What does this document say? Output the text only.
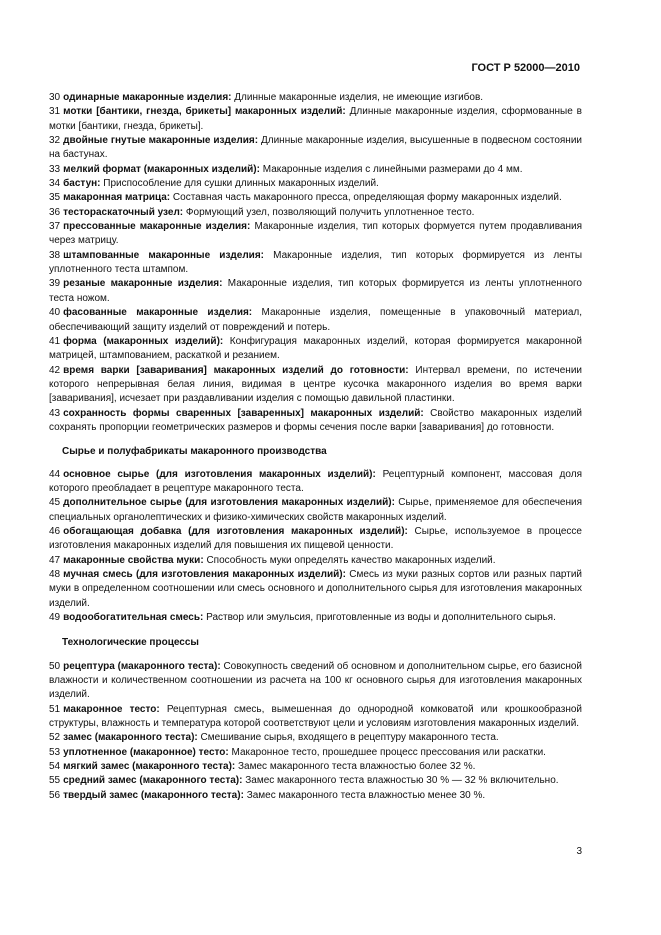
ГОСТ Р 52000—2010

30 одинарные макаронные изделия: Длинные макаронные изделия, не имеющие изгибов.

31 мотки [бантики, гнезда, брикеты] макаронных изделий: Длинные макаронные изделия, сформованные в мотки [бантики, гнезда, брикеты].

32 двойные гнутые макаронные изделия: Длинные макаронные изделия, высушенные в подвесном состоянии на бастунах.

33 мелкий формат (макаронных изделий): Макаронные изделия с линейными размерами до 4 мм.

34 бастун: Приспособление для сушки длинных макаронных изделий.

35 макаронная матрица: Составная часть макаронного пресса, определяющая форму макаронных изделий.

36 тестораскаточный узел: Формующий узел, позволяющий получить уплотненное тесто.

37 прессованные макаронные изделия: Макаронные изделия, тип которых формуется путем продавливания через матрицу.

38 штампованные макаронные изделия: Макаронные изделия, тип которых формируется из ленты уплотненного теста штампом.

39 резаные макаронные изделия: Макаронные изделия, тип которых формируется из ленты уплотненного теста ножом.

40 фасованные макаронные изделия: Макаронные изделия, помещенные в упаковочный материал, обеспечивающий защиту изделий от повреждений и потерь.

41 форма (макаронных изделий): Конфигурация макаронных изделий, которая формируется макаронной матрицей, штампованием, раскаткой и резанием.

42 время варки [заваривания] макаронных изделий до готовности: Интервал времени, по истечении которого непрерывная белая линия, видимая в центре кусочка макаронного изделия во время варки [заваривания], исчезает при раздавливании изделия с помощью давильной пластинки.

43 сохранность формы сваренных [заваренных] макаронных изделий: Свойство макаронных изделий сохранять пропорции геометрических размеров и формы сечения после варки [заваривания] до готовности.

Сырье и полуфабрикаты макаронного производства

44 основное сырье (для изготовления макаронных изделий): Рецептурный компонент, массовая доля которого преобладает в рецептуре макаронного теста.

45 дополнительное сырье (для изготовления макаронных изделий): Сырье, применяемое для обеспечения специальных органолептических и физико-химических свойств макаронных изделий.

46 обогащающая добавка (для изготовления макаронных изделий): Сырье, используемое в процессе изготовления макаронных изделий для повышения их пищевой ценности.

47 макаронные свойства муки: Способность муки определять качество макаронных изделий.

48 мучная смесь (для изготовления макаронных изделий): Смесь из муки разных сортов или разных партий муки в определенном соотношении или смесь основного и дополнительного сырья для изготовления макаронных изделий.

49 водообогатительная смесь: Раствор или эмульсия, приготовленные из воды и дополнительного сырья.

Технологические процессы

50 рецептура (макаронного теста): Совокупность сведений об основном и дополнительном сырье, его базисной влажности и количественном соотношении из расчета на 100 кг основного сырья для изготовления макаронных изделий.

51 макаронное тесто: Рецептурная смесь, вымешенная до однородной комковатой или крошкообразной структуры, влажность и температура которой соответствуют цели и условиям изготовления макаронных изделий.

52 замес (макаронного теста): Смешивание сырья, входящего в рецептуру макаронного теста.

53 уплотненное (макаронное) тесто: Макаронное тесто, прошедшее процесс прессования или раскатки.

54 мягкий замес (макаронного теста): Замес макаронного теста влажностью более 32 %.

55 средний замес (макаронного теста): Замес макаронного теста влажностью 30 % — 32 % включительно.

56 твердый замес (макаронного теста): Замес макаронного теста влажностью менее 30 %.

3
